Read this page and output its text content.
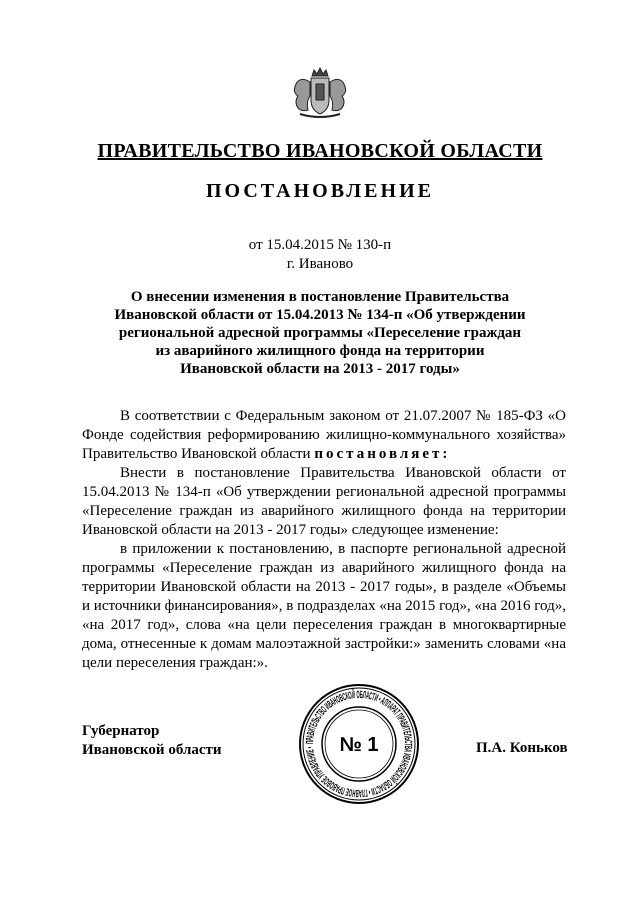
ПРАВИТЕЛЬСТВО ИВАНОВСКОЙ ОБЛАСТИ
ПОСТАНОВЛЕНИЕ
от 15.04.2015 № 130-п
г. Иваново
О внесении изменения в постановление Правительства
Ивановской области от 15.04.2013 № 134-п «Об утверждении
региональной адресной программы «Переселение граждан
из аварийного жилищного фонда на территории
Ивановской области на 2013 - 2017 годы»

В соответствии с Федеральным законом от 21.07.2007 № 185-ФЗ «О Фонде содействия реформированию жилищно-коммунального хозяйства» Правительство Ивановской области постановляет:

Внести в постановление Правительства Ивановской области от 15.04.2013 № 134-п «Об утверждении региональной адресной программы «Переселение граждан из аварийного жилищного фонда на территории Ивановской области на 2013 - 2017 годы» следующее изменение:

в приложении к постановлению, в паспорте региональной адресной программы «Переселение граждан из аварийного жилищного фонда на территории Ивановской области на 2013 - 2017 годы», в разделе «Объемы и источники финансирования», в подразделах «на 2015 год», «на 2016 год», «на 2017 год», слова «на цели переселения граждан в многоквартирные дома, отнесенные к домам малоэтажной застройки:» заменить словами «на цели переселения граждан:».

Губернатор
Ивановской области
ПРАВИТЕЛЬСТВО ИВАНОВСКОЙ ОБЛАСТИ • АППАРАТ ПРАВИТЕЛЬСТВА ИВАНОВСКОЙ ОБЛАСТИ • ГЛАВНОЕ ПРАВОВОЕ УПРАВЛЕНИЕ •	№ 1	П.А. Коньков
